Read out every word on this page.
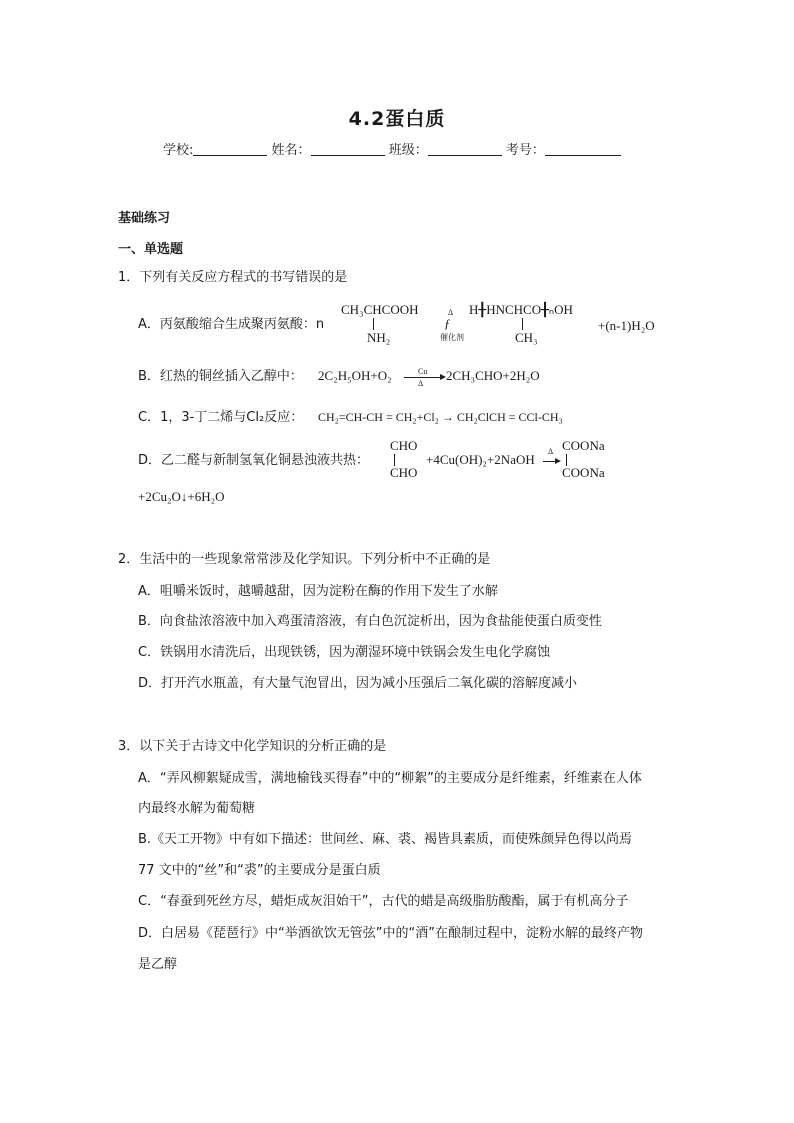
4.2蛋白质
学校:	姓名：	班级：	考号：
基础练习
一、单选题
1．下列有关反应方程式的书写错误的是
A．丙氨酸缩合生成聚丙氨酸：n
CH₃CHCOOH
NH₂
Δ
ƒ
催化剂
H╂HNCHCO╂ₙOH
CH₃
+(n-1)H₂O
B．红热的铜丝插入乙醇中： 2C₂H₅OH+O₂	Cu
Δ
2CH₃CHO+2H₂O
C．1，3-丁二烯与Cl₂反应： CH₂=CH-CH = CH₂+Cl₂ → CH₂ClCH = CCl-CH₃
D．乙二醛与新制氢氧化铜悬浊液共热：
CHO
CHO
+4Cu(OH)₂+2NaOH
Δ COONa
COONa
+2Cu₂O↓+6H₂O
2．生活中的一些现象常常涉及化学知识。下列分析中不正确的是
A．咀嚼米饭时，越嚼越甜，因为淀粉在酶的作用下发生了水解
B．向食盐浓溶液中加入鸡蛋清溶液，有白色沉淀析出，因为食盐能使蛋白质变性
C．铁锅用水清洗后，出现铁锈，因为潮湿环境中铁锅会发生电化学腐蚀
D．打开汽水瓶盖，有大量气泡冒出，因为减小压强后二氧化碳的溶解度减小
3．以下关于古诗文中化学知识的分析正确的是
A．“弄风柳絮疑成雪，满地榆钱买得春”中的“柳絮”的主要成分是纤维素，纤维素在人体
内最终水解为葡萄糖
B.《天工开物》中有如下描述：世间丝、麻、裘、褐皆具素质，而使殊颜异色得以尚焉
77 文中的“丝”和“裘”的主要成分是蛋白质
C．“春蚕到死丝方尽，蜡炬成灰泪始干”，古代的蜡是高级脂肪酸酯，属于有机高分子
D．白居易《琵琶行》中“举酒欲饮无管弦”中的“酒”在酿制过程中，淀粉水解的最终产物
是乙醇
